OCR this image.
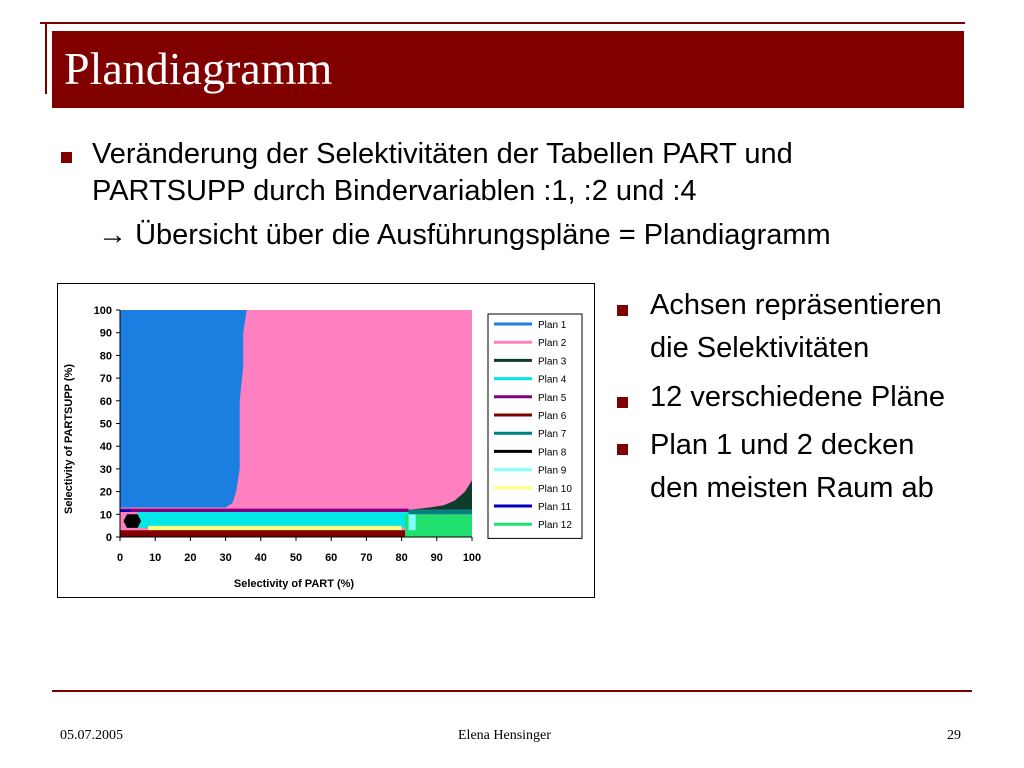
Plandiagramm
Veränderung der Selektivitäten der Tabellen PART und
PARTSUPP durch Bindervariablen :1, :2 und :4
→ Übersicht über die Ausführungspläne = Plandiagramm
0 10 20 30 40 50 60 70 80 90 100
0
10
20
30
40
50
60
70
80
90
100
Selectivity of PART (%)
Selectivity of PARTSUPP (%)
Plan 1
Plan 2
Plan 3
Plan 4
Plan 5
Plan 6
Plan 7
Plan 8
Plan 9
Plan 10
Plan 11
Plan 12
Achsen repräsentieren
die Selektivitäten
12 verschiedene Pläne
Plan 1 und 2 decken
den meisten Raum ab
05.07.2005	Elena Hensinger	29
